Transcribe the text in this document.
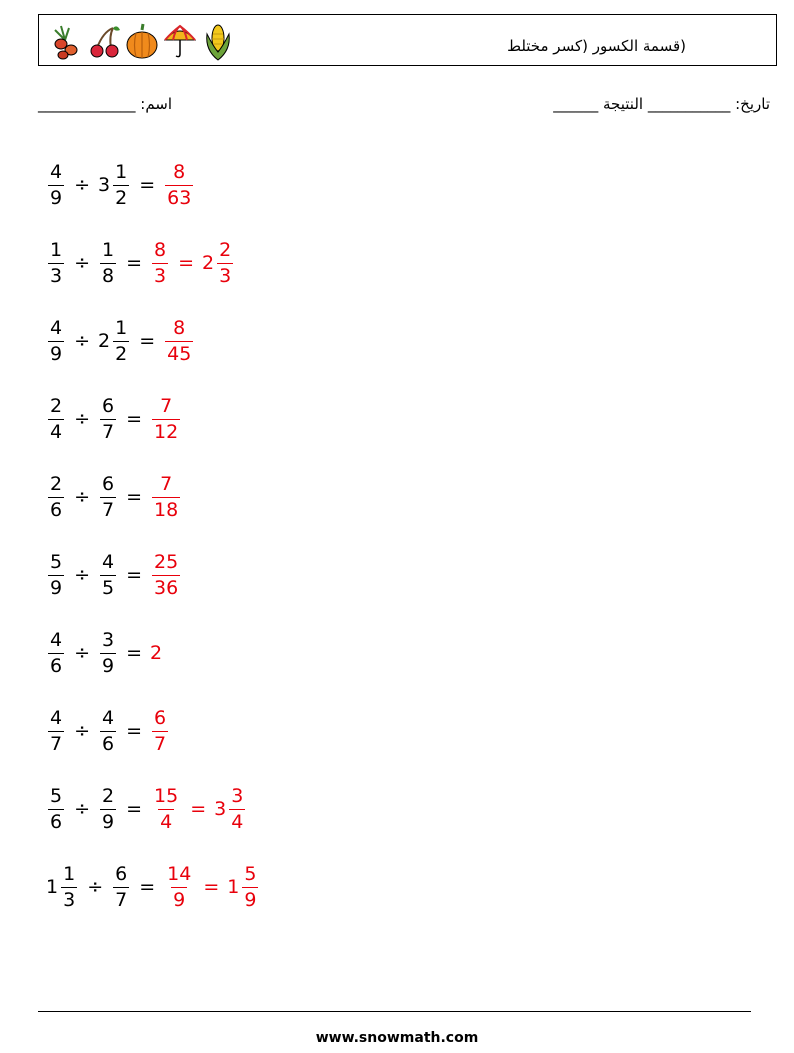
(قسمة الكسور (كسر مختلط
اسم: _____________	تاريخ: ___________ النتيجة ______
$\frac{4}{9} \div 3 \frac{1}{2} = \frac{8}{63}$
$\frac{1}{3} \div \frac{1}{8} = \frac{8}{3} = 2 \frac{2}{3}$
$\frac{4}{9} \div 2 \frac{1}{2} = \frac{8}{45}$
$\frac{2}{4} \div \frac{6}{7} = \frac{7}{12}$
$\frac{2}{6} \div \frac{6}{7} = \frac{7}{18}$
$\frac{5}{9} \div \frac{4}{5} = \frac{25}{36}$
$\frac{4}{6} \div \frac{3}{9} = 2$
$\frac{4}{7} \div \frac{4}{6} = \frac{6}{7}$
$\frac{5}{6} \div \frac{2}{9} = \frac{15}{4} = 3 \frac{3}{4}$
$1 \frac{1}{3} \div \frac{6}{7} = \frac{14}{9} = 1 \frac{5}{9}$
www.snowmath.com
